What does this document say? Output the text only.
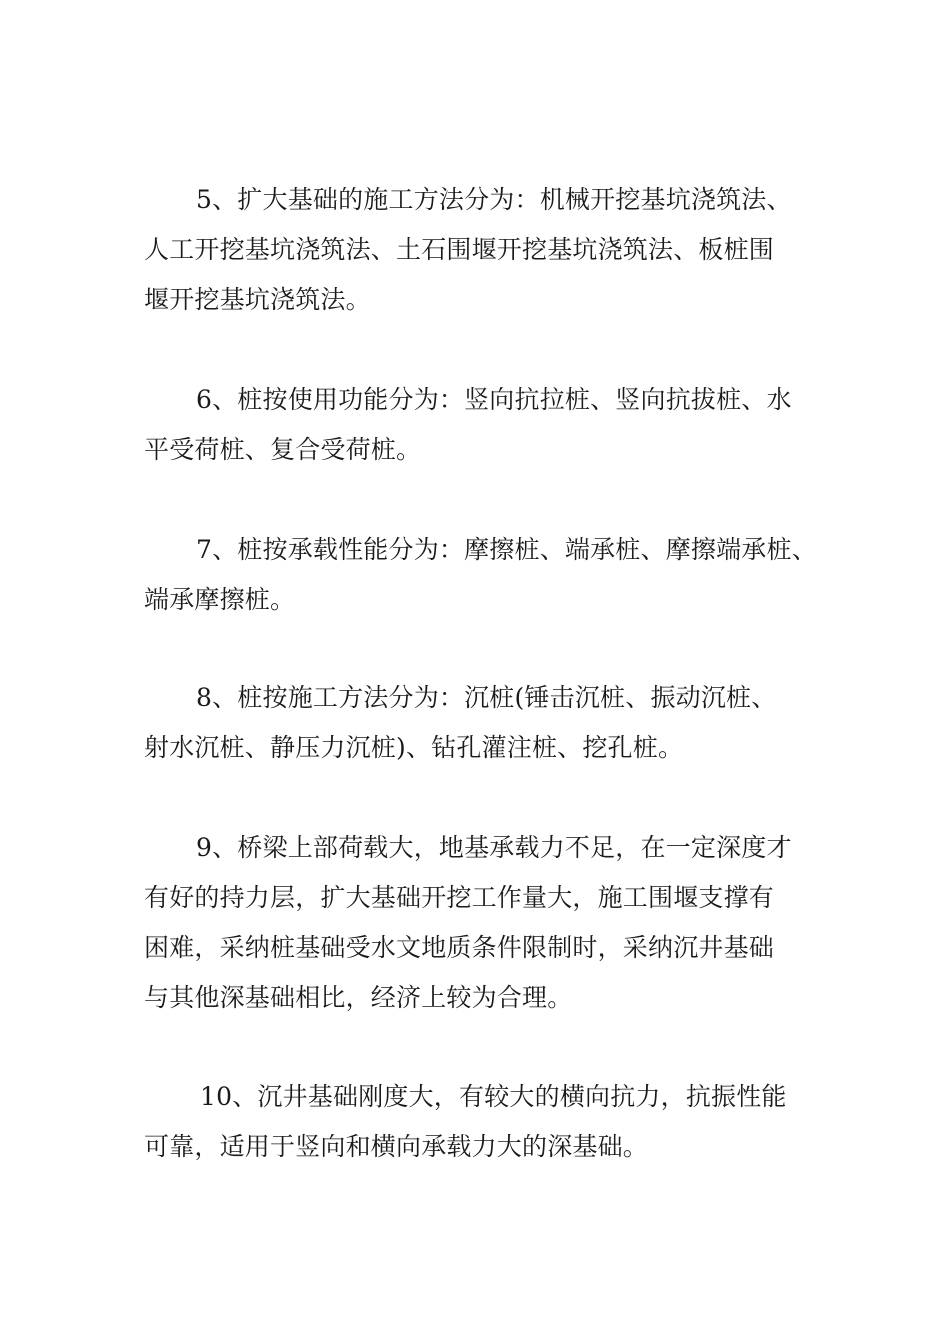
5、扩大基础的施工方法分为：机械开挖基坑浇筑法、
人工开挖基坑浇筑法、土石围堰开挖基坑浇筑法、板桩围
堰开挖基坑浇筑法。

6、桩按使用功能分为：竖向抗拉桩、竖向抗拔桩、水
平受荷桩、复合受荷桩。

7、桩按承载性能分为：摩擦桩、端承桩、摩擦端承桩、
端承摩擦桩。

8、桩按施工方法分为：沉桩(锤击沉桩、振动沉桩、
射水沉桩、静压力沉桩)、钻孔灌注桩、挖孔桩。

9、桥梁上部荷载大，地基承载力不足，在一定深度才
有好的持力层，扩大基础开挖工作量大，施工围堰支撑有
困难，采纳桩基础受水文地质条件限制时，采纳沉井基础
与其他深基础相比，经济上较为合理。

10、沉井基础刚度大，有较大的横向抗力，抗振性能
可靠，适用于竖向和横向承载力大的深基础。
